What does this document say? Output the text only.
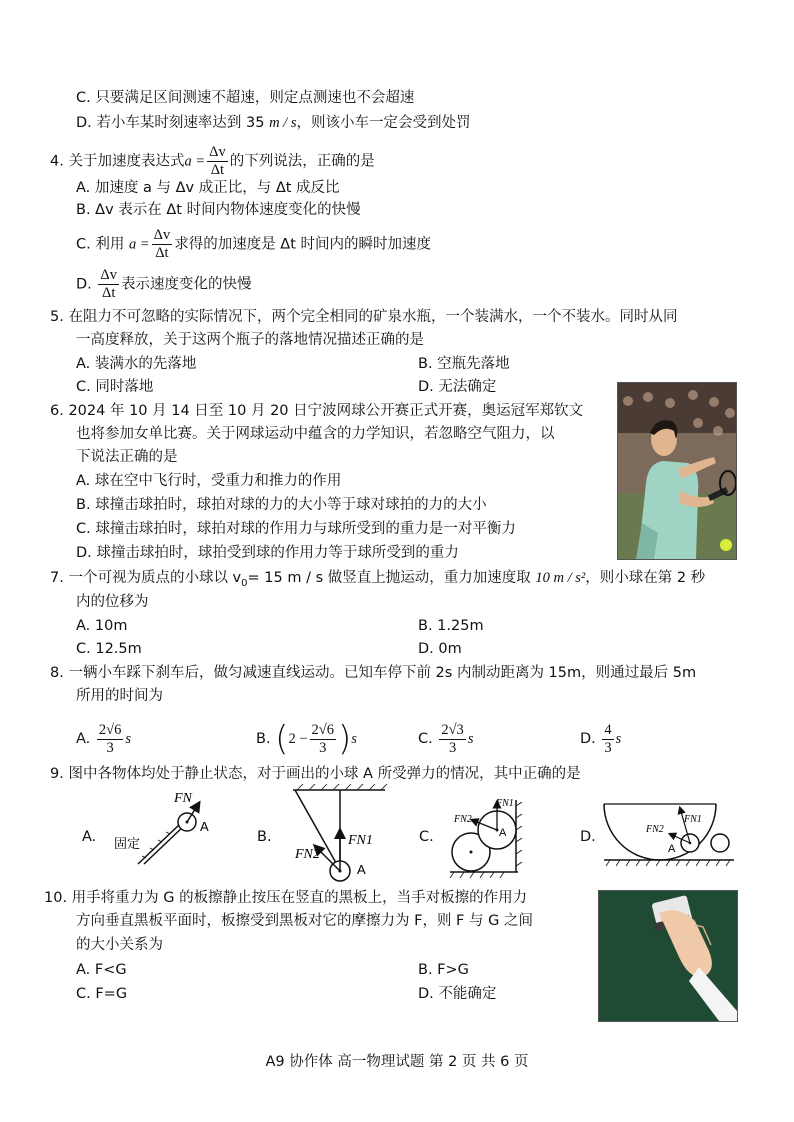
C. 只要满足区间测速不超速，则定点测速也不会超速
D. 若小车某时刻速率达到 35 m / s，则该小车一定会受到处罚
4. 关于加速度表达式$a = \frac{\Delta v}{\Delta t}$ 的下列说法，正确的是
A. 加速度 a 与 Δv 成正比，与 Δt 成反比
B. Δv 表示在 Δt 时间内物体速度变化的快慢
C. 利用 $a = \frac{\Delta v}{\Delta t}$ 求得的加速度是 Δt 时间内的瞬时加速度
D. $\frac{\Delta v}{\Delta t}$ 表示速度变化的快慢
5. 在阻力不可忽略的实际情况下，两个完全相同的矿泉水瓶，一个装满水，一个不装水。同时从同
一高度释放，关于这两个瓶子的落地情况描述正确的是
A. 装满水的先落地	B. 空瓶先落地
C. 同时落地	D. 无法确定
6. 2024 年 10 月 14 日至 10 月 20 日宁波网球公开赛正式开赛，奥运冠军郑钦文
也将参加女单比赛。关于网球运动中蕴含的力学知识，若忽略空气阻力，以
下说法正确的是
A. 球在空中飞行时，受重力和推力的作用
B. 球撞击球拍时，球拍对球的力的大小等于球对球拍的力的大小
C. 球撞击球拍时，球拍对球的作用力与球所受到的重力是一对平衡力
D. 球撞击球拍时，球拍受到球的作用力等于球所受到的重力
7. 一个可视为质点的小球以 $v_0= 15$ m / s 做竖直上抛运动，重力加速度取 10 m / s²，则小球在第 2 秒
内的位移为
A. 10m	B. 1.25m
C. 12.5m	D. 0m
8. 一辆小车踩下刹车后，做匀减速直线运动。已知车停下前 2s 内制动距离为 15m，则通过最后 5m
所用的时间为
A. $\frac{2√6}{3}$ s	B. $(2 - \frac{2√6}{3} )s$	C. $\frac{2√3}{3}$ s	D. $\frac{4}{3}$ s
9. 图中各物体均处于静止状态，对于画出的小球 A 所受弹力的情况，其中正确的是
A.	B.	C.	D.
FN
A
固定	FN1
FN2
A
FN1
FN2
A
FN1
FN2
A
10. 用手将重力为 G 的板擦静止按压在竖直的黑板上，当手对板擦的作用力
方向垂直黑板平面时，板擦受到黑板对它的摩擦力为 F，则 F 与 G 之间
的大小关系为
A. F<G	B. F>G
C. F=G	D. 不能确定
A9 协作体 高一物理试题 第 2 页 共 6 页
